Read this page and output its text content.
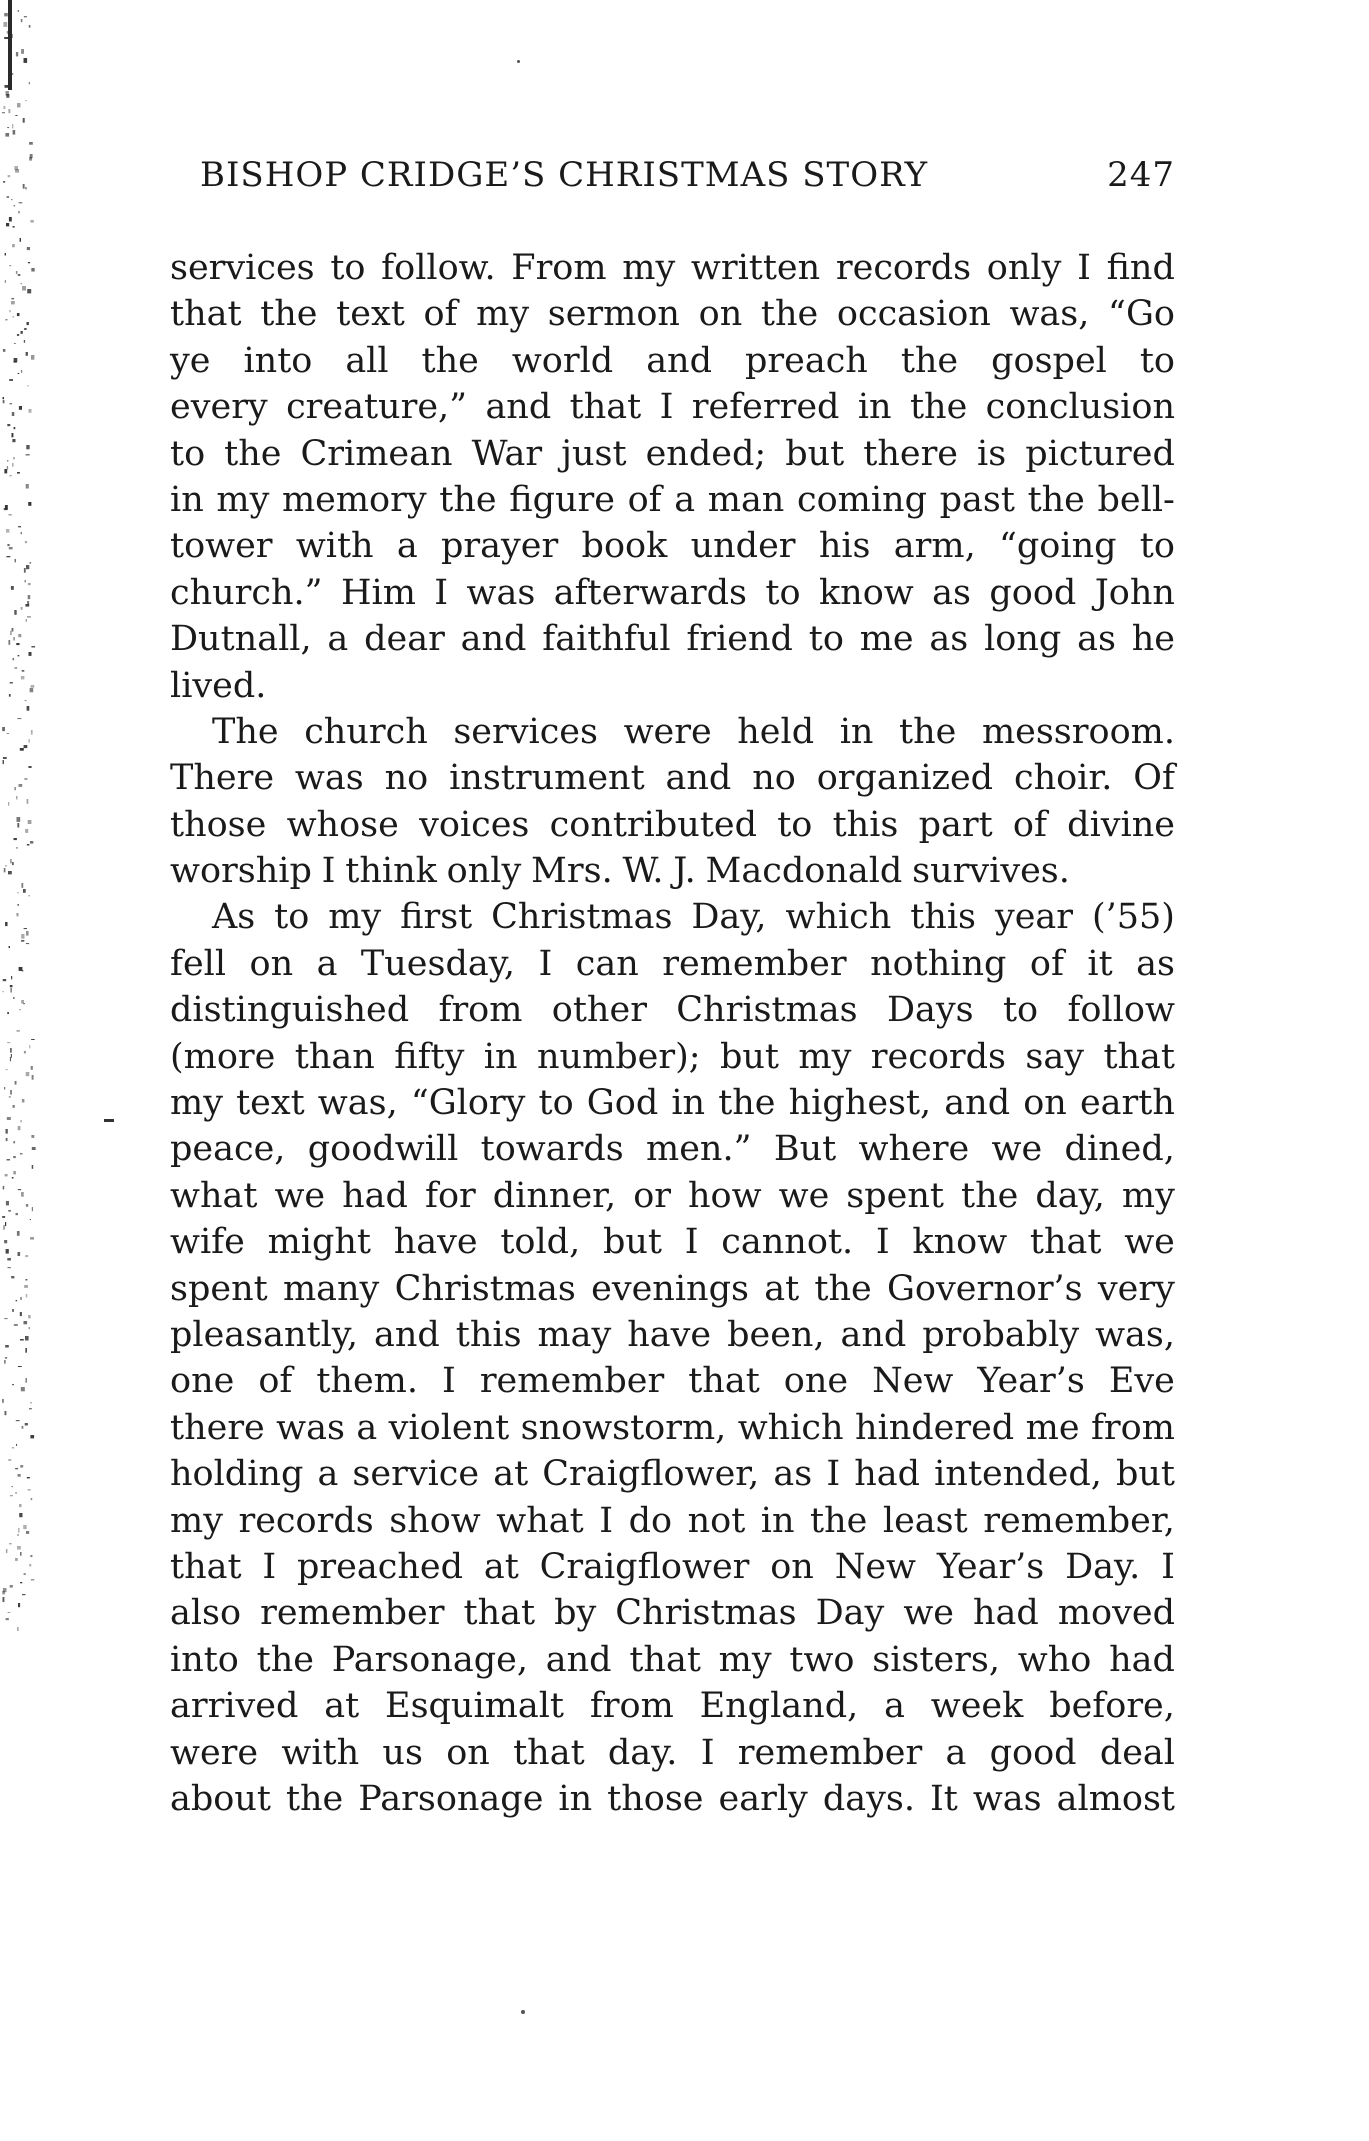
BISHOP CRIDGE’S CHRISTMAS STORY	247
services to follow. From my written records only I find
that the text of my sermon on the occasion was, “Go
ye into all the world and preach the gospel to
every creature,” and that I referred in the conclusion
to the Crimean War just ended; but there is pictured
in my memory the figure of a man coming past the bell-
tower with a prayer book under his arm, “going to
church.” Him I was afterwards to know as good John
Dutnall, a dear and faithful friend to me as long as he
lived.
The church services were held in the messroom.
There was no instrument and no organized choir. Of
those whose voices contributed to this part of divine
worship I think only Mrs. W. J. Macdonald survives.
As to my first Christmas Day, which this year (’55)
fell on a Tuesday, I can remember nothing of it as
distinguished from other Christmas Days to follow
(more than fifty in number); but my records say that
my text was, “Glory to God in the highest, and on earth
peace, goodwill towards men.” But where we dined,
what we had for dinner, or how we spent the day, my
wife might have told, but I cannot. I know that we
spent many Christmas evenings at the Governor’s very
pleasantly, and this may have been, and probably was,
one of them. I remember that one New Year’s Eve
there was a violent snowstorm, which hindered me from
holding a service at Craigflower, as I had intended, but
my records show what I do not in the least remember,
that I preached at Craigflower on New Year’s Day. I
also remember that by Christmas Day we had moved
into the Parsonage, and that my two sisters, who had
arrived at Esquimalt from England, a week before,
were with us on that day. I remember a good deal
about the Parsonage in those early days. It was almost
